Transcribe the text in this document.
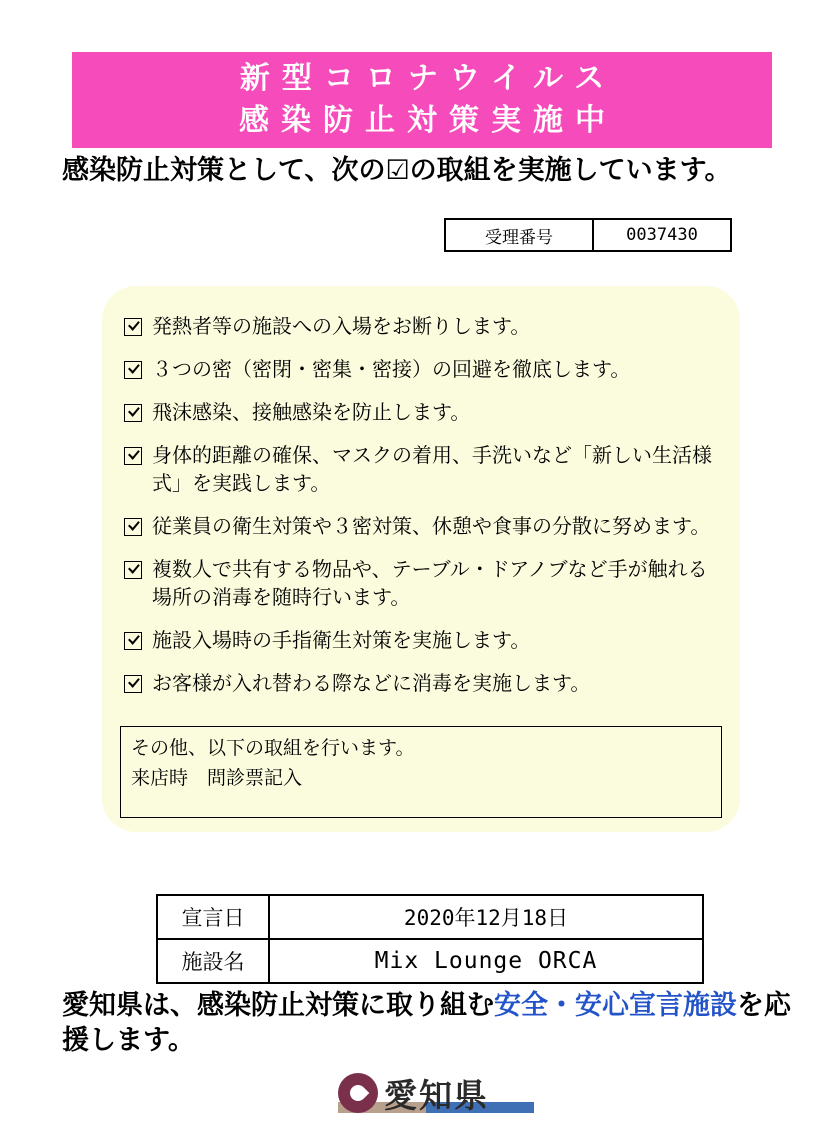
新型コロナウイルス
感染防止対策実施中
感染防止対策として、次の☑の取組を実施しています。
受理番号	0037430
発熱者等の施設への入場をお断りします。
３つの密（密閉・密集・密接）の回避を徹底します。
飛沫感染、接触感染を防止します。
身体的距離の確保、マスクの着用、手洗いなど「新しい生活様式」を実践します。
従業員の衛生対策や３密対策、休憩や食事の分散に努めます。
複数人で共有する物品や、テーブル・ドアノブなど手が触れる場所の消毒を随時行います。
施設入場時の手指衛生対策を実施します。
お客様が入れ替わる際などに消毒を実施します。
その他、以下の取組を行います。
来店時　問診票記入
宣言日	2020年12月18日
施設名	Mix Lounge ORCA
愛知県は、感染防止対策に取り組む安全・安心宣言施設を応援します。
愛知県
